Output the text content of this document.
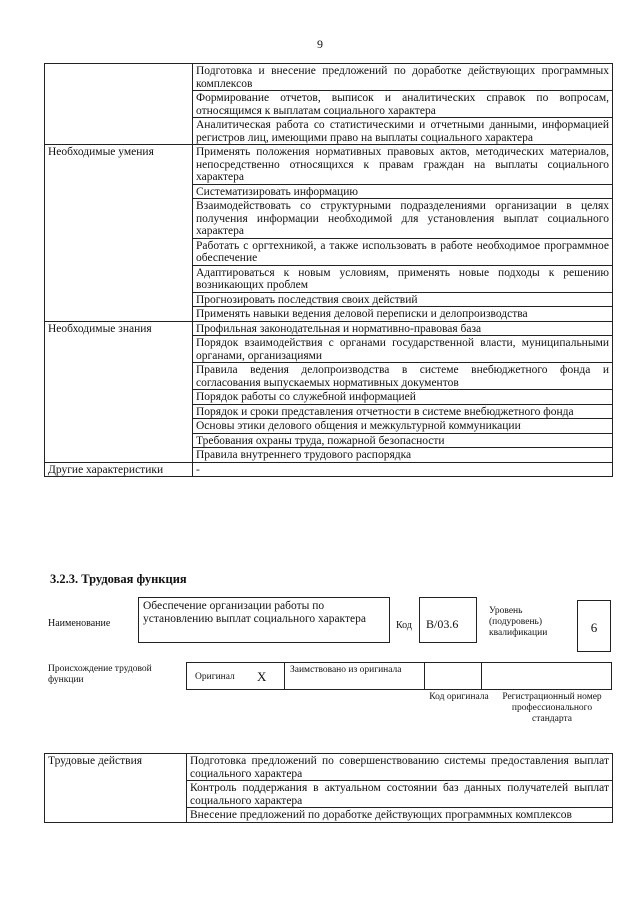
9
	Подготовка и внесение предложений по доработке действующих программных комплексов
	Формирование отчетов, выписок и аналитических справок по вопросам, относящимся к выплатам социального характера
	Аналитическая работа со статистическими и отчетными данными, информацией регистров лиц, имеющими право на выплаты социального характера
Необходимые умения	Применять положения нормативных правовых актов, методических материалов, непосредственно относящихся к правам граждан на выплаты социального характера
	Систематизировать информацию
	Взаимодействовать со структурными подразделениями организации в целях получения информации необходимой для установления выплат социального характера
	Работать с оргтехникой, а также использовать в работе необходимое программное обеспечение
	Адаптироваться к новым условиям, применять новые подходы к решению возникающих проблем
	Прогнозировать последствия своих действий
	Применять навыки ведения деловой переписки и делопроизводства
Необходимые знания	Профильная законодательная и нормативно-правовая база
	Порядок взаимодействия с органами государственной власти, муниципальными органами, организациями
	Правила ведения делопроизводства в системе внебюджетного фонда и согласования выпускаемых нормативных документов
	Порядок работы со служебной информацией
	Порядок и сроки представления отчетности в системе внебюджетного фонда
	Основы этики делового общения и межкультурной коммуникации
	Требования охраны труда, пожарной безопасности
	Правила внутреннего трудового распорядка
Другие характеристики	-
3.2.3. Трудовая функция
Наименование
Обеспечение организации работы по установлению выплат социального характера
Код	В/03.6
Уровень (подуровень) квалификации	6
Происхождение трудовой функции	Оригинал X Заимствовано из оригинала
Код оригинала	Регистрационный номер профессионального стандарта
Трудовые действия	Подготовка предложений по совершенствованию системы предоставления выплат социального характера
Контроль поддержания в актуальном состоянии баз данных получателей выплат социального характера
Внесение предложений по доработке действующих программных комплексов
